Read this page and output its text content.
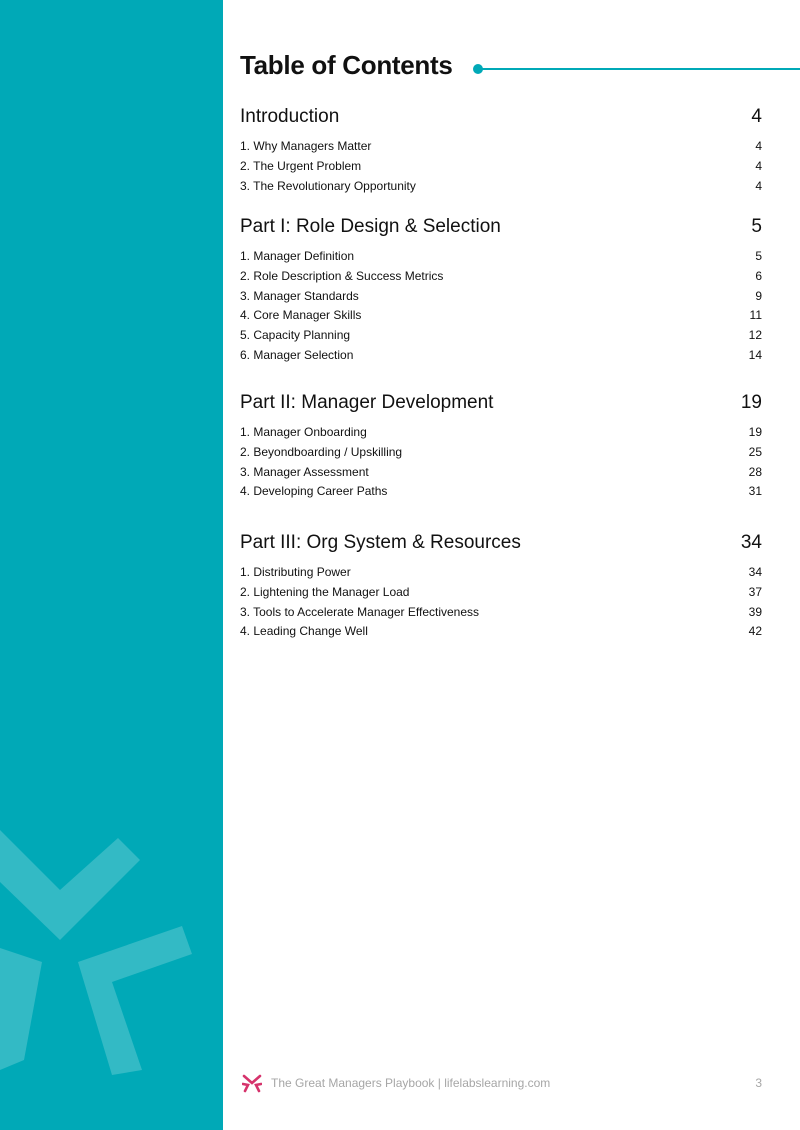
Table of Contents
Introduction	4
1. Why Managers Matter	4
2. The Urgent Problem	4
3. The Revolutionary Opportunity	4
Part I: Role Design & Selection	5
1. Manager Definition	5
2. Role Description & Success Metrics	6
3. Manager Standards	9
4. Core Manager Skills	11
5. Capacity Planning	12
6. Manager Selection	14
Part II: Manager Development	19
1. Manager Onboarding	19
2. Beyondboarding / Upskilling	25
3. Manager Assessment	28
4. Developing Career Paths	31
Part III: Org System & Resources	34
1. Distributing Power	34
2. Lightening the Manager Load	37
3. Tools to Accelerate Manager Effectiveness	39
4. Leading Change Well	42
The Great Managers Playbook | lifelabslearning.com	3
